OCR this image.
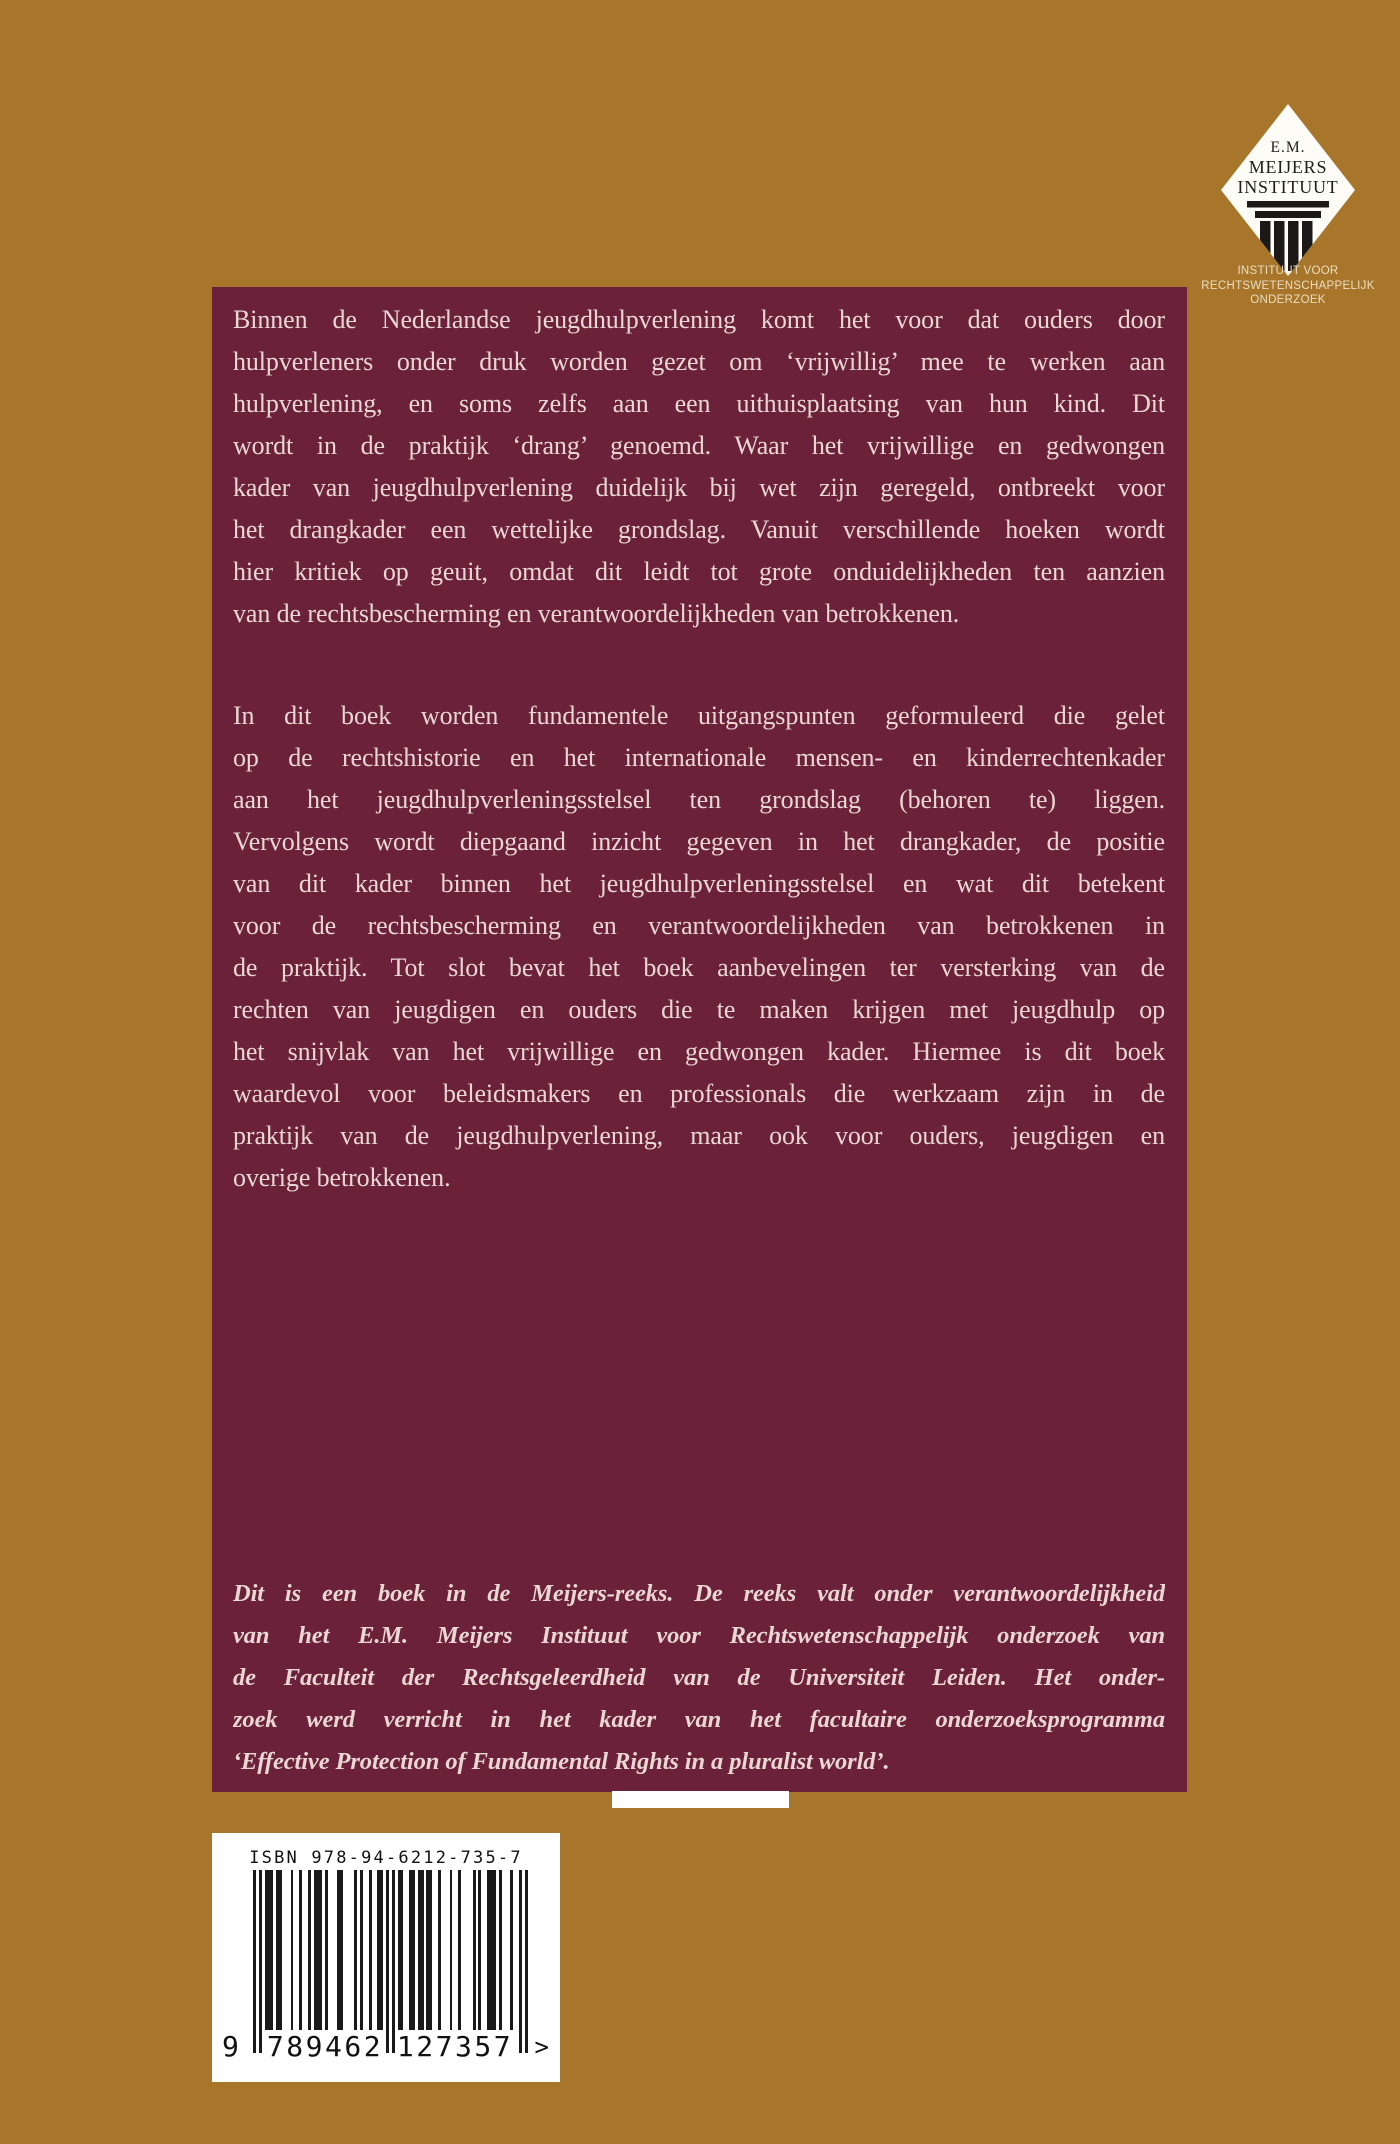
E.M.
MEIJERS
INSTITUUT
INSTITUUT VOOR
RECHTSWETENSCHAPPELIJK
ONDERZOEK
Binnen de Nederlandse jeugdhulpverlening komt het voor dat ouders door
hulpverleners onder druk worden gezet om ‘vrijwillig’ mee te werken aan
hulpverlening, en soms zelfs aan een uithuisplaatsing van hun kind. Dit
wordt in de praktijk ‘drang’ genoemd. Waar het vrijwillige en gedwongen
kader van jeugdhulpverlening duidelijk bij wet zijn geregeld, ontbreekt voor
het drangkader een wettelijke grondslag. Vanuit verschillende hoeken wordt
hier kritiek op geuit, omdat dit leidt tot grote onduidelijkheden ten aanzien
van de rechtsbescherming en verantwoordelijkheden van betrokkenen.
In dit boek worden fundamentele uitgangspunten geformuleerd die gelet
op de rechtshistorie en het internationale mensen- en kinderrechtenkader
aan het jeugdhulpverleningsstelsel ten grondslag (behoren te) liggen.
Vervolgens wordt diepgaand inzicht gegeven in het drangkader, de positie
van dit kader binnen het jeugdhulpverleningsstelsel en wat dit betekent
voor de rechtsbescherming en verantwoordelijkheden van betrokkenen in
de praktijk. Tot slot bevat het boek aanbevelingen ter versterking van de
rechten van jeugdigen en ouders die te maken krijgen met jeugdhulp op
het snijvlak van het vrijwillige en gedwongen kader. Hiermee is dit boek
waardevol voor beleidsmakers en professionals die werkzaam zijn in de
praktijk van de jeugdhulpverlening, maar ook voor ouders, jeugdigen en
overige betrokkenen.
Dit is een boek in de Meijers-reeks. De reeks valt onder verantwoordelijkheid
van het E.M. Meijers Instituut voor Rechtswetenschappelijk onderzoek van
de Faculteit der Rechtsgeleerdheid van de Universiteit Leiden. Het onder-
zoek werd verricht in het kader van het facultaire onderzoeksprogramma
‘Effective Protection of Fundamental Rights in a pluralist world’.
ISBN 978-94-6212-735-7
9 789462 127357 >
